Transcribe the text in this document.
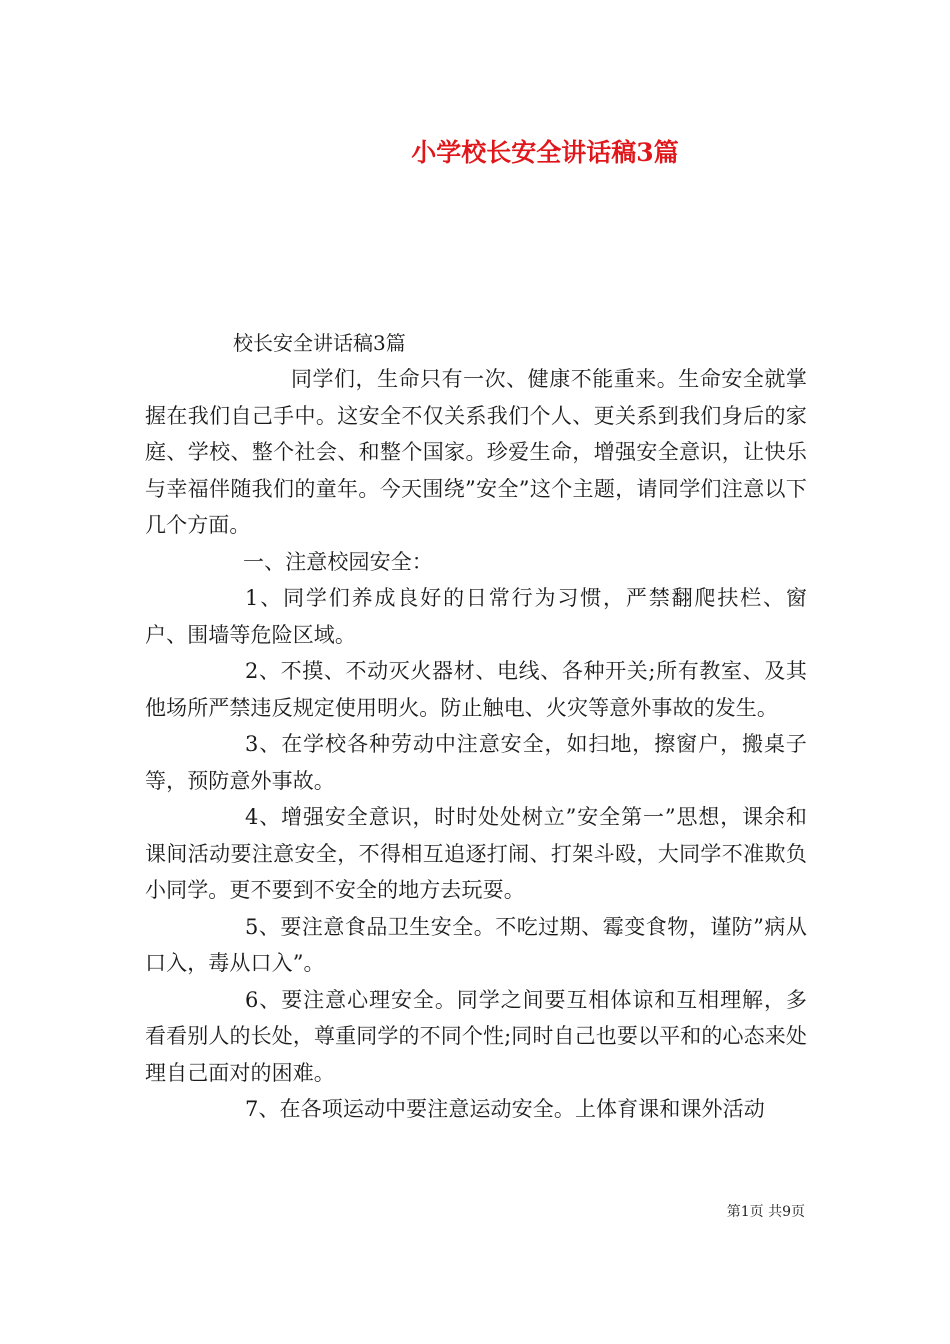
小学校长安全讲话稿3篇

校长安全讲话稿3篇

同学们，生命只有一次、健康不能重来。生命安全就掌握在我们自己手中。这安全不仅关系我们个人、更关系到我们身后的家庭、学校、整个社会、和整个国家。珍爱生命，增强安全意识，让快乐与幸福伴随我们的童年。今天围绕”安全”这个主题，请同学们注意以下几个方面。

一、注意校园安全：

1、同学们养成良好的日常行为习惯，严禁翻爬扶栏、窗户、围墙等危险区域。

2、不摸、不动灭火器材、电线、各种开关;所有教室、及其他场所严禁违反规定使用明火。防止触电、火灾等意外事故的发生。

3、在学校各种劳动中注意安全，如扫地，擦窗户，搬桌子等，预防意外事故。

4、增强安全意识，时时处处树立”安全第一”思想，课余和课间活动要注意安全，不得相互追逐打闹、打架斗殴，大同学不准欺负小同学。更不要到不安全的地方去玩耍。

5、要注意食品卫生安全。不吃过期、霉变食物，谨防”病从口入，毒从口入”。

6、要注意心理安全。同学之间要互相体谅和互相理解，多看看别人的长处，尊重同学的不同个性;同时自己也要以平和的心态来处理自己面对的困难。

7、在各项运动中要注意运动安全。上体育课和课外活动

第1页 共9页
